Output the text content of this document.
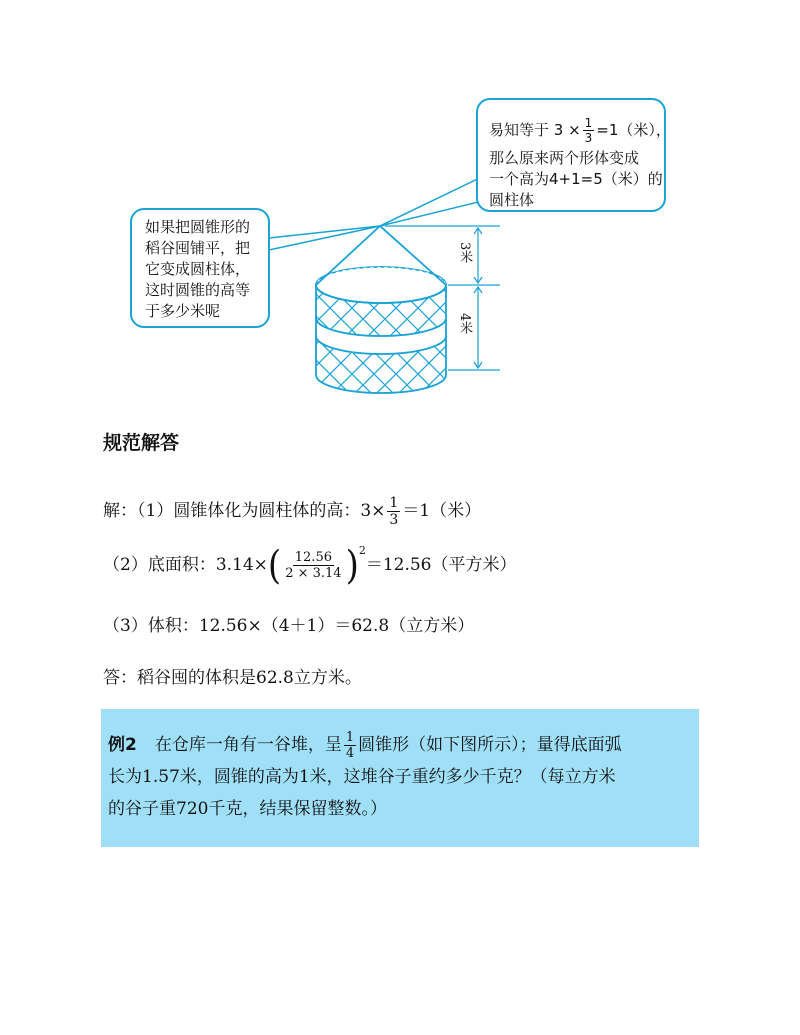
3米
4米
易知等于 $3 \times \frac{1}{3} =1$（米），
那么原来两个形体变成
一个高为4+1=5（米）的
圆柱体
如果把圆锥形的
稻谷囤铺平，把
它变成圆柱体，
这时圆锥的高等
于多少米呢
规范解答
解：（1）圆锥体化为圆柱体的高：$3\times \frac{1}{3} =1$（米）
（2）底面积：$3.14\times( \frac{12.56}{2 \times 3.14} )^2=12.56$（平方米）
（3）体积：12.56×（4＋1）＝62.8（立方米）
答：稻谷囤的体积是62.8立方米。
例2 在仓库一角有一谷堆，呈 $\frac{1}{4}$ 圆锥形（如下图所示）；量得底面弧
长为1.57米，圆锥的高为1米，这堆谷子重约多少千克？（每立方米
的谷子重720千克，结果保留整数。）
